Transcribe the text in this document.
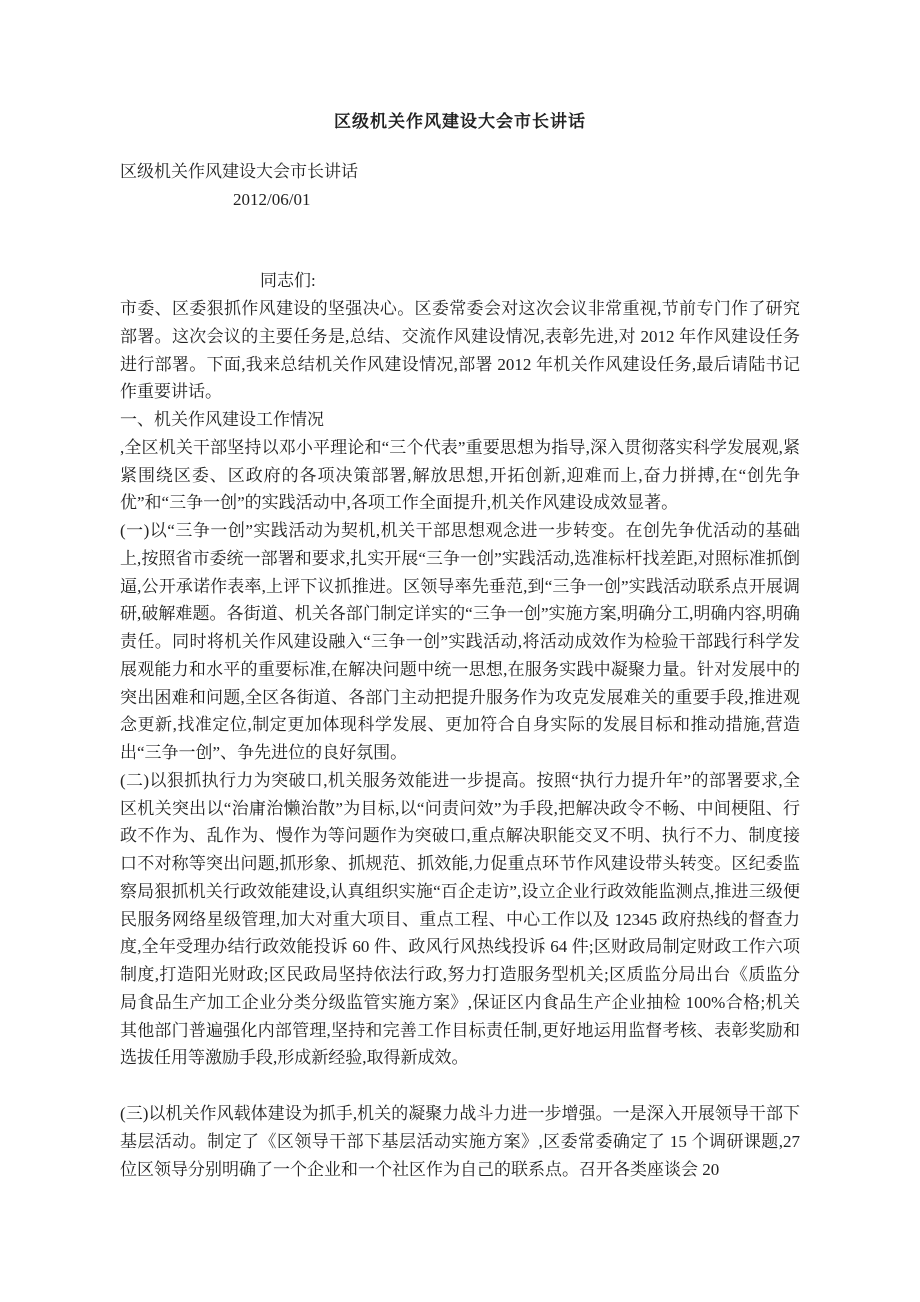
区级机关作风建设大会市长讲话
区级机关作风建设大会市长讲话
2012/06/01
同志们:
市委、区委狠抓作风建设的坚强决心。区委常委会对这次会议非常重视,节前专门作了研究部署。这次会议的主要任务是,总结、交流作风建设情况,表彰先进,对 2012 年作风建设任务进行部署。下面,我来总结机关作风建设情况,部署 2012 年机关作风建设任务,最后请陆书记作重要讲话。
一、机关作风建设工作情况
,全区机关干部坚持以邓小平理论和“三个代表”重要思想为指导,深入贯彻落实科学发展观,紧紧围绕区委、区政府的各项决策部署,解放思想,开拓创新,迎难而上,奋力拼搏,在“创先争优”和“三争一创”的实践活动中,各项工作全面提升,机关作风建设成效显著。
(一)以“三争一创”实践活动为契机,机关干部思想观念进一步转变。在创先争优活动的基础上,按照省市委统一部署和要求,扎实开展“三争一创”实践活动,选准标杆找差距,对照标准抓倒逼,公开承诺作表率,上评下议抓推进。区领导率先垂范,到“三争一创”实践活动联系点开展调研,破解难题。各街道、机关各部门制定详实的“三争一创”实施方案,明确分工,明确内容,明确责任。同时将机关作风建设融入“三争一创”实践活动,将活动成效作为检验干部践行科学发展观能力和水平的重要标准,在解决问题中统一思想,在服务实践中凝聚力量。针对发展中的突出困难和问题,全区各街道、各部门主动把提升服务作为攻克发展难关的重要手段,推进观念更新,找准定位,制定更加体现科学发展、更加符合自身实际的发展目标和推动措施,营造出“三争一创”、争先进位的良好氛围。
(二)以狠抓执行力为突破口,机关服务效能进一步提高。按照“执行力提升年”的部署要求,全区机关突出以“治庸治懒治散”为目标,以“问责问效”为手段,把解决政令不畅、中间梗阻、行政不作为、乱作为、慢作为等问题作为突破口,重点解决职能交叉不明、执行不力、制度接口不对称等突出问题,抓形象、抓规范、抓效能,力促重点环节作风建设带头转变。区纪委监察局狠抓机关行政效能建设,认真组织实施“百企走访”,设立企业行政效能监测点,推进三级便民服务网络星级管理,加大对重大项目、重点工程、中心工作以及 12345 政府热线的督查力度,全年受理办结行政效能投诉 60 件、政风行风热线投诉 64 件;区财政局制定财政工作六项制度,打造阳光财政;区民政局坚持依法行政,努力打造服务型机关;区质监分局出台《质监分局食品生产加工企业分类分级监管实施方案》,保证区内食品生产企业抽检 100%合格;机关其他部门普遍强化内部管理,坚持和完善工作目标责任制,更好地运用监督考核、表彰奖励和选拔任用等激励手段,形成新经验,取得新成效。
(三)以机关作风载体建设为抓手,机关的凝聚力战斗力进一步增强。一是深入开展领导干部下基层活动。制定了《区领导干部下基层活动实施方案》,区委常委确定了 15 个调研课题,27 位区领导分别明确了一个企业和一个社区作为自己的联系点。召开各类座谈会 20
